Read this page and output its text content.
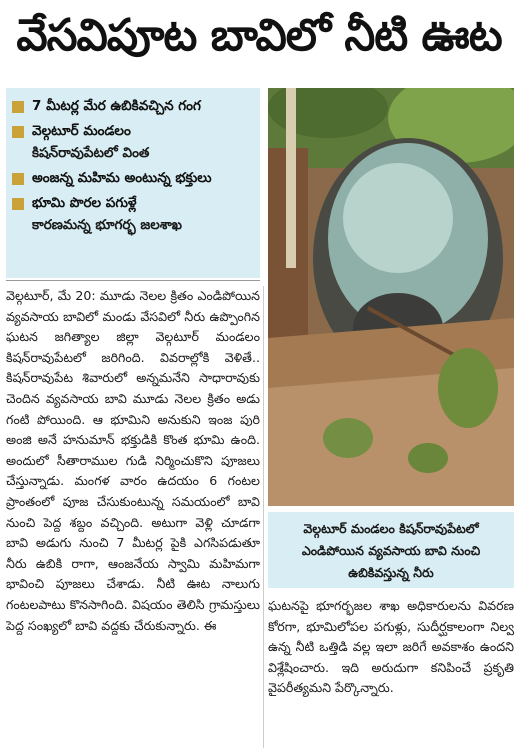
వేసవిపూట బావిలో నీటి ఊట
7 మీటర్ల మేర ఉబికివచ్చిన గంగ
వెల్గటూర్‌ మండలం
కిషన్‌రావుపేటలో వింత
అంజన్న మహిమ అంటున్న భక్తులు
భూమి పొరల పగుళ్లే
కారణమన్న భూగర్భ జలశాఖ
వెల్గటూర్‌ మండలం కిషన్‌రావుపేటలో ఎండిపోయిన వ్యవసాయ బావి నుంచి ఉబికివస్తున్న నీరు
వెల్గటూర్‌, మే 20: మూడు నెలల క్రితం ఎండిపోయిన వ్యవసాయ బావిలో మండు వేసవిలో నీరు ఉప్పొంగిన ఘటన జగిత్యాల జిల్లా వెల్గటూర్‌ మండలం కిషన్‌రావుపేటలో జరిగింది. వివరాల్లోకి వెళితే.. కిషన్‌రావుపేట శివారులో అన్నమనేని సాధారావుకు చెందిన వ్యవసాయ బావి మూడు నెలల క్రితం అడు గంటి పోయింది. ఆ భూమిని అనుకుని ఇంజ పురి అంజి అనే హనుమాన్‌ భక్తుడికి కొంత భూమి ఉంది. అందులో సీతారాముల గుడి నిర్మించుకొని పూజలు చేస్తున్నాడు. మంగళ వారం ఉదయం 6 గంటల ప్రాంతంలో పూజ చేసుకుంటున్న సమయంలో బావి నుంచి పెద్ద శబ్దం వచ్చింది. అటుగా వెళ్లి చూడగా బావి అడుగు నుంచి 7 మీటర్ల పైకి ఎగసిపడుతూ నీరు ఉబికి రాగా, ఆంజనేయ స్వామి మహిమగా భావించి పూజలు చేశాడు. నీటి ఊట నాలుగు గంటలపాటు కొనసాగింది. విషయం తెలిసి గ్రామస్తులు పెద్ద సంఖ్యలో బావి వద్దకు చేరుకున్నారు. ఈ
ఘటనపై భూగర్భజల శాఖ అధికారులను వివరణ కోరగా, భూమిలోపల పగుళ్లు, సుదీర్ఘకాలంగా నిల్వ ఉన్న నీటి ఒత్తిడి వల్ల ఇలా జరిగే అవకాశం ఉందని విశ్లేషించారు. ఇది అరుదుగా కనిపించే ప్రకృతి వైపరీత్యమని పేర్కొన్నారు.
